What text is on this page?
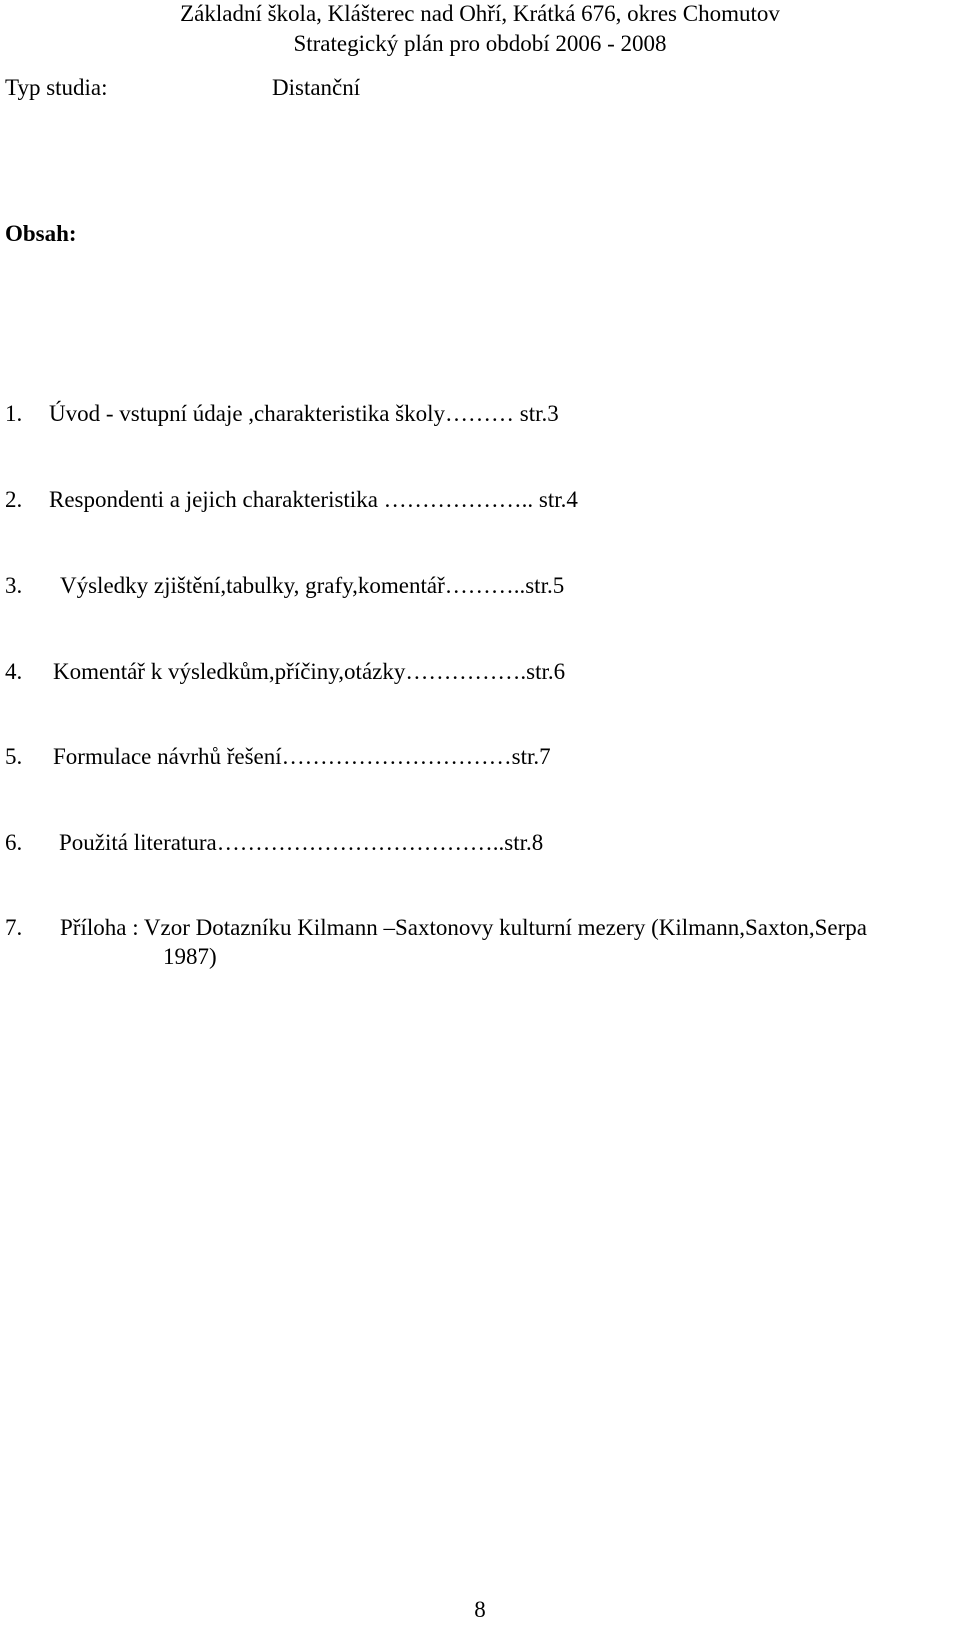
Základní škola, Klášterec nad Ohří, Krátká 676, okres Chomutov
Strategický plán pro období 2006 - 2008
Typ studia:	Distanční
Obsah:
1. Úvod - vstupní údaje ,charakteristika školy……… str.3
2. Respondenti a jejich charakteristika ……………….. str.4
3. Výsledky zjištění,tabulky, grafy,komentář………..str.5
4. Komentář k výsledkům,příčiny,otázky…………….str.6
5. Formulace návrhů řešení…………………………str.7
6. Použitá literatura………………………………..str.8
7. Příloha : Vzor Dotazníku Kilmann –Saxtonovy kulturní mezery (Kilmann,Saxton,Serpa
1987)
8
